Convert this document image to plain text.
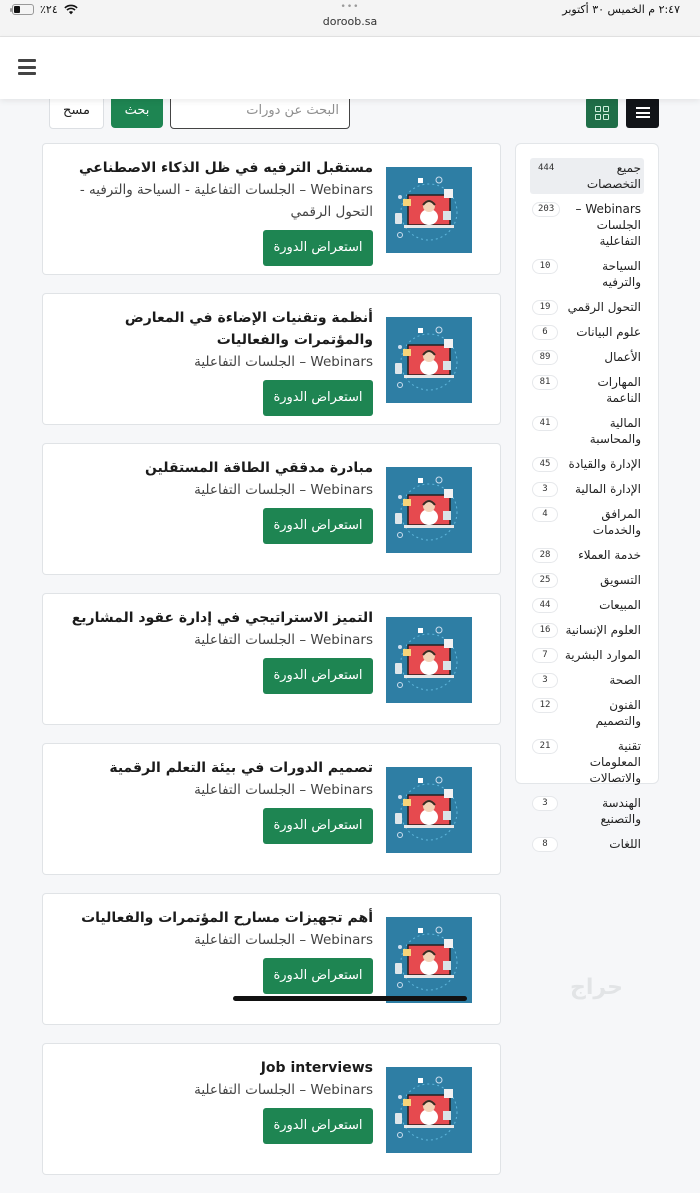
٪٢٤	•••
doroob.sa
٢:٤٧ م الخميس ٣٠ أكتوبر
مسح	بحث
البحث عن دورات
جميع التخصصات
444
Webinars – الجلسات التفاعلية
203
السياحة والترفيه
10
التحول الرقمي
19
علوم البيانات
6
الأعمال
89
المهارات الناعمة
81
المالية والمحاسبة
41
الإدارة والقيادة
45
الإدارة المالية
3
المرافق والخدمات
4
خدمة العملاء
28
التسويق
25
المبيعات
44
العلوم الإنسانية
16
الموارد البشرية
7
الصحة
3
الفنون والتصميم
12
تقنية المعلومات والاتصالات
21
الهندسة والتصنيع
3
اللغات
8
مستقبل الترفيه في ظل الذكاء الاصطناعي
Webinars – الجلسات التفاعلية - السياحة والترفيه - التحول الرقمي
استعراض الدورة
أنظمة وتقنيات الإضاءة في المعارض والمؤتمرات والفعاليات
Webinars – الجلسات التفاعلية
استعراض الدورة
مبادرة مدققي الطاقة المستقلين
Webinars – الجلسات التفاعلية
استعراض الدورة
التميز الاستراتيجي في إدارة عقود المشاريع
Webinars – الجلسات التفاعلية
استعراض الدورة
تصميم الدورات في بيئة التعلم الرقمية
Webinars – الجلسات التفاعلية
استعراض الدورة
أهم تجهيزات مسارح المؤتمرات والفعاليات
Webinars – الجلسات التفاعلية
استعراض الدورة
Job interviews
Webinars – الجلسات التفاعلية
استعراض الدورة
حراج
